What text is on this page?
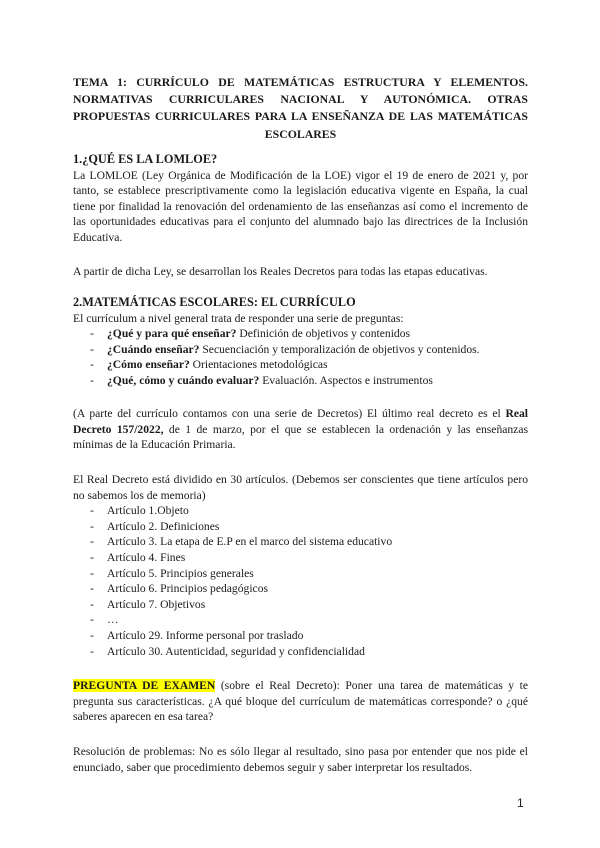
TEMA 1: CURRÍCULO DE MATEMÁTICAS ESTRUCTURA Y ELEMENTOS.
NORMATIVAS CURRICULARES NACIONAL Y AUTONÓMICA. OTRAS
PROPUESTAS CURRICULARES PARA LA ENSEÑANZA DE LAS MATEMÁTICAS
ESCOLARES
1.¿QUÉ ES LA LOMLOE?

La LOMLOE (Ley Orgánica de Modificación de la LOE) vigor el 19 de enero de 2021 y, por tanto, se establece prescriptivamente como la legislación educativa vigente en España, la cual tiene por finalidad la renovación del ordenamiento de las enseñanzas así como el incremento de las oportunidades educativas para el conjunto del alumnado bajo las directrices de la Inclusión Educativa.

A partir de dicha Ley, se desarrollan los Reales Decretos para todas las etapas educativas.

2.MATEMÁTICAS ESCOLARES: EL CURRÍCULO

El currículum a nivel general trata de responder una serie de preguntas:

- ¿Qué y para qué enseñar? Definición de objetivos y contenidos
- ¿Cuándo enseñar? Secuenciación y temporalización de objetivos y contenidos.
- ¿Cómo enseñar? Orientaciones metodológicas
- ¿Qué, cómo y cuándo evaluar? Evaluación. Aspectos e instrumentos

(A parte del currículo contamos con una serie de Decretos) El último real decreto es el Real Decreto 157/2022, de 1 de marzo, por el que se establecen la ordenación y las enseñanzas mínimas de la Educación Primaria.

El Real Decreto está dividido en 30 artículos. (Debemos ser conscientes que tiene artículos pero no sabemos los de memoria)

- Artículo 1.Objeto
- Artículo 2. Definiciones
- Artículo 3. La etapa de E.P en el marco del sistema educativo
- Artículo 4. Fines
- Artículo 5. Principios generales
- Artículo 6. Principios pedagógicos
- Artículo 7. Objetivos
- …
- Artículo 29. Informe personal por traslado
- Artículo 30. Autenticidad, seguridad y confidencialidad

PREGUNTA DE EXAMEN (sobre el Real Decreto): Poner una tarea de matemáticas y te pregunta sus características. ¿A qué bloque del currículum de matemáticas corresponde? o ¿qué saberes aparecen en esa tarea?

Resolución de problemas: No es sólo llegar al resultado, sino pasa por entender que nos pide el enunciado, saber que procedimiento debemos seguir y saber interpretar los resultados.

1
